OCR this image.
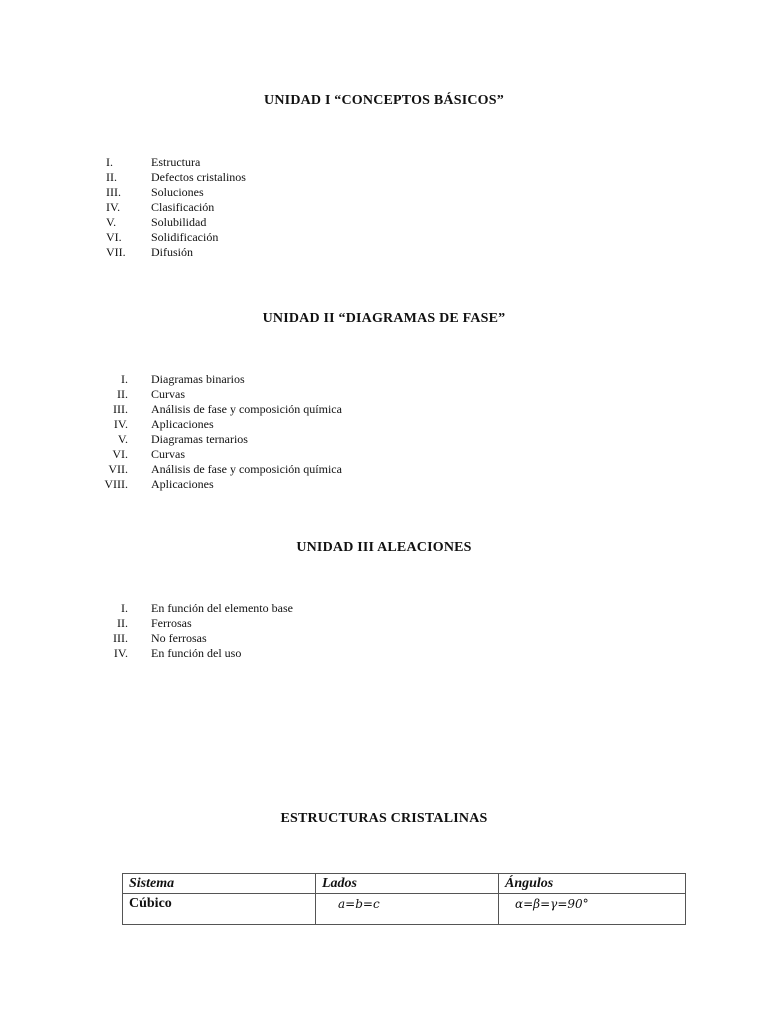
UNIDAD I “CONCEPTOS BÁSICOS”
I.	Estructura
II.	Defectos cristalinos
III.	Soluciones
IV.	Clasificación
V.	Solubilidad
VI. Solidificación
VII. Difusión
UNIDAD II “DIAGRAMAS DE FASE”
I. Diagramas binarios
II. Curvas
III. Análisis de fase y composición química
IV. Aplicaciones
V. Diagramas ternarios
VI. Curvas
VII. Análisis de fase y composición química
VIII. Aplicaciones
UNIDAD III ALEACIONES
I. En función del elemento base
II. Ferrosas
III. No ferrosas
IV. En función del uso
ESTRUCTURAS CRISTALINAS
Sistema	Lados	Ángulos
Cúbico	a=b=c	α=β=γ=90°
